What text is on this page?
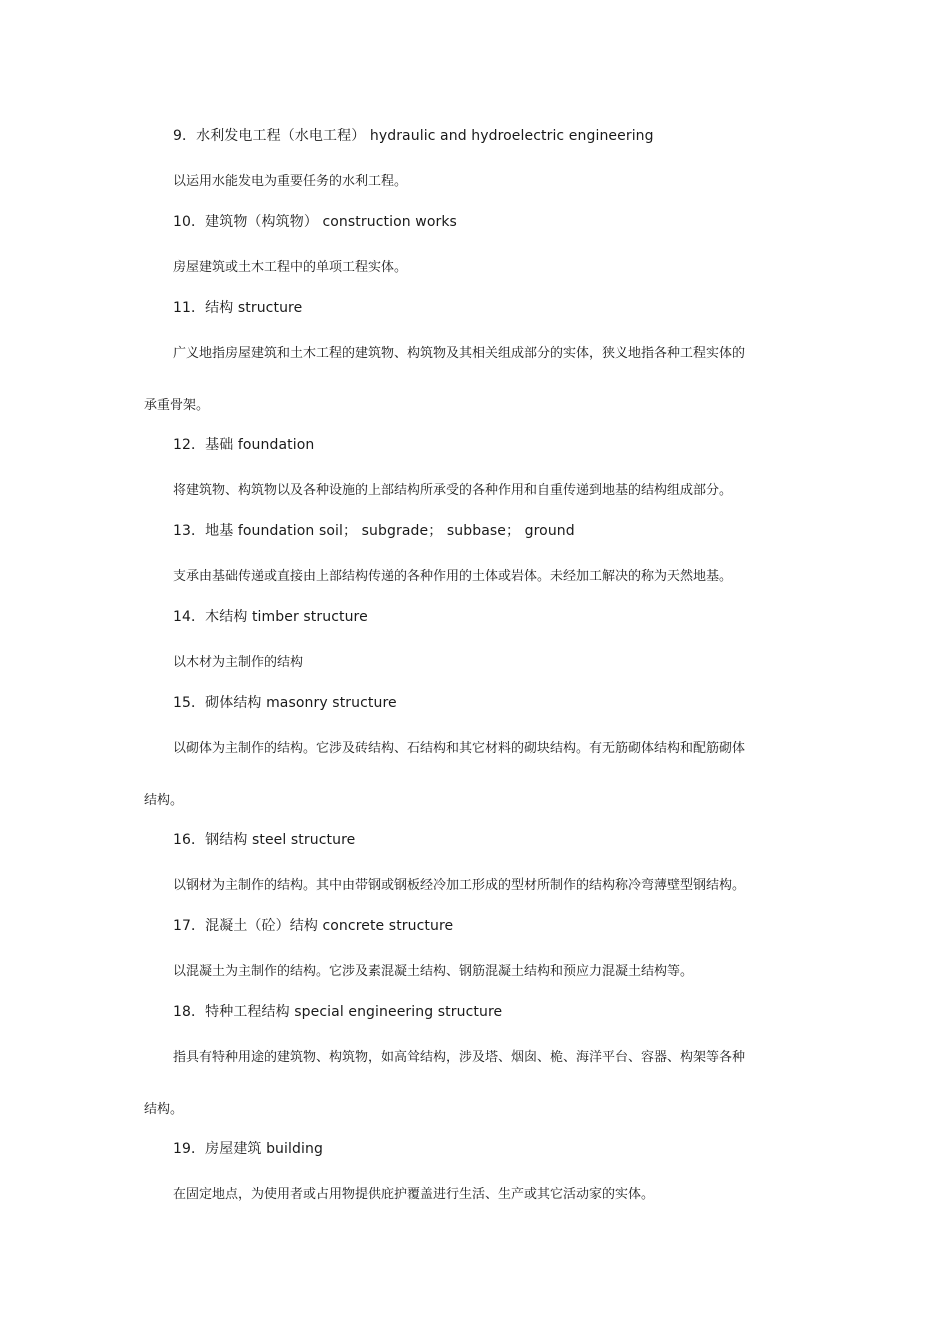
9．水利发电工程（水电工程） hydraulic and hydroelectric engineering
以运用水能发电为重要任务的水利工程。
10．建筑物（构筑物） construction works
房屋建筑或土木工程中的单项工程实体。
11．结构 structure
广义地指房屋建筑和土木工程的建筑物、构筑物及其相关组成部分的实体，狭义地指各种工程实体的
承重骨架。
12．基础 foundation
将建筑物、构筑物以及各种设施的上部结构所承受的各种作用和自重传递到地基的结构组成部分。
13．地基 foundation soil； subgrade； subbase； ground
支承由基础传递或直接由上部结构传递的各种作用的土体或岩体。未经加工解决的称为天然地基。
14．木结构 timber structure
以木材为主制作的结构
15．砌体结构 masonry structure
以砌体为主制作的结构。它涉及砖结构、石结构和其它材料的砌块结构。有无筋砌体结构和配筋砌体
结构。
16．钢结构 steel structure
以钢材为主制作的结构。其中由带钢或钢板经冷加工形成的型材所制作的结构称冷弯薄壁型钢结构。
17．混凝土（砼）结构 concrete structure
以混凝土为主制作的结构。它涉及素混凝土结构、钢筋混凝土结构和预应力混凝土结构等。
18．特种工程结构 special engineering structure
指具有特种用途的建筑物、构筑物，如高耸结构，涉及塔、烟囱、桅、海洋平台、容器、构架等各种
结构。
19．房屋建筑 building
在固定地点，为使用者或占用物提供庇护覆盖进行生活、生产或其它活动家的实体。
